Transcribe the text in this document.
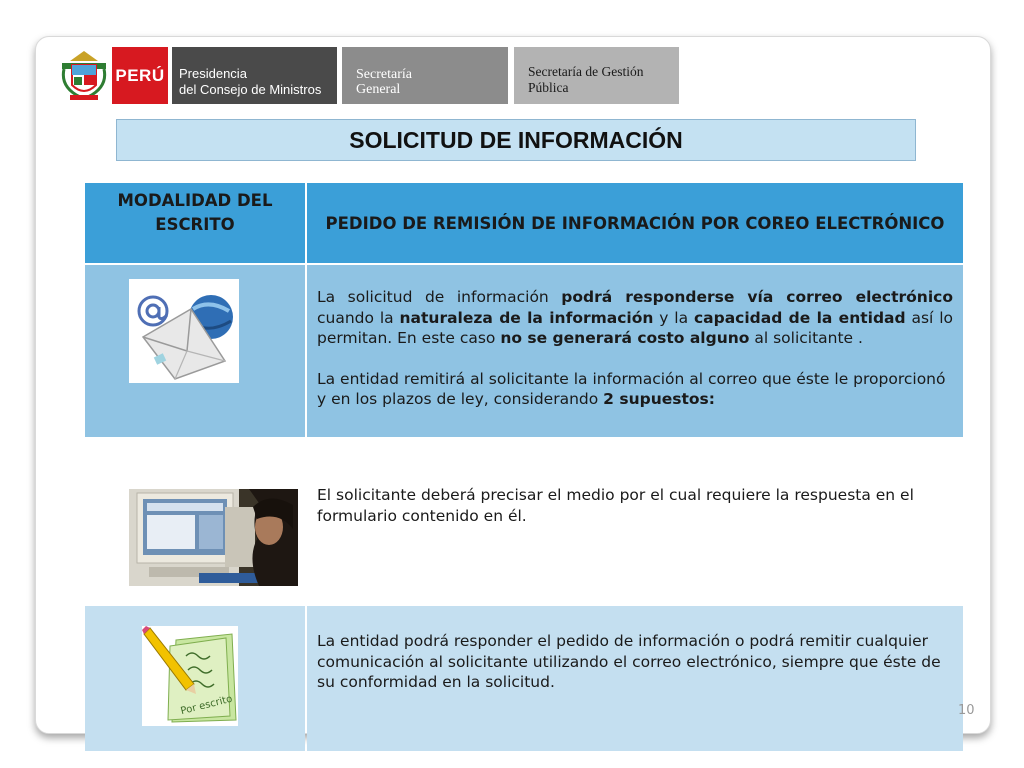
PERÚ Presidencia
del Consejo de Ministros
Secretaría
General
Secretaría de Gestión
Pública
SOLICITUD DE INFORMACIÓN
MODALIDAD DEL ESCRITO	PEDIDO DE REMISIÓN DE INFORMACIÓN POR COREO ELECTRÓNICO

La solicitud de información podrá responderse vía correo electrónico cuando la naturaleza de la información y la capacidad de la entidad así lo permitan. En este caso no se generará costo alguno al solicitante .

La entidad remitirá al solicitante la información al correo que éste le proporcionó y en los plazos de ley, considerando 2 supuestos:

El solicitante deberá precisar el medio por el cual requiere la respuesta en el formulario contenido en él.
Por escrito
La entidad podrá responder el pedido de información o podrá remitir cualquier comunicación al solicitante utilizando el correo electrónico, siempre que éste de su conformidad en la solicitud.
10
